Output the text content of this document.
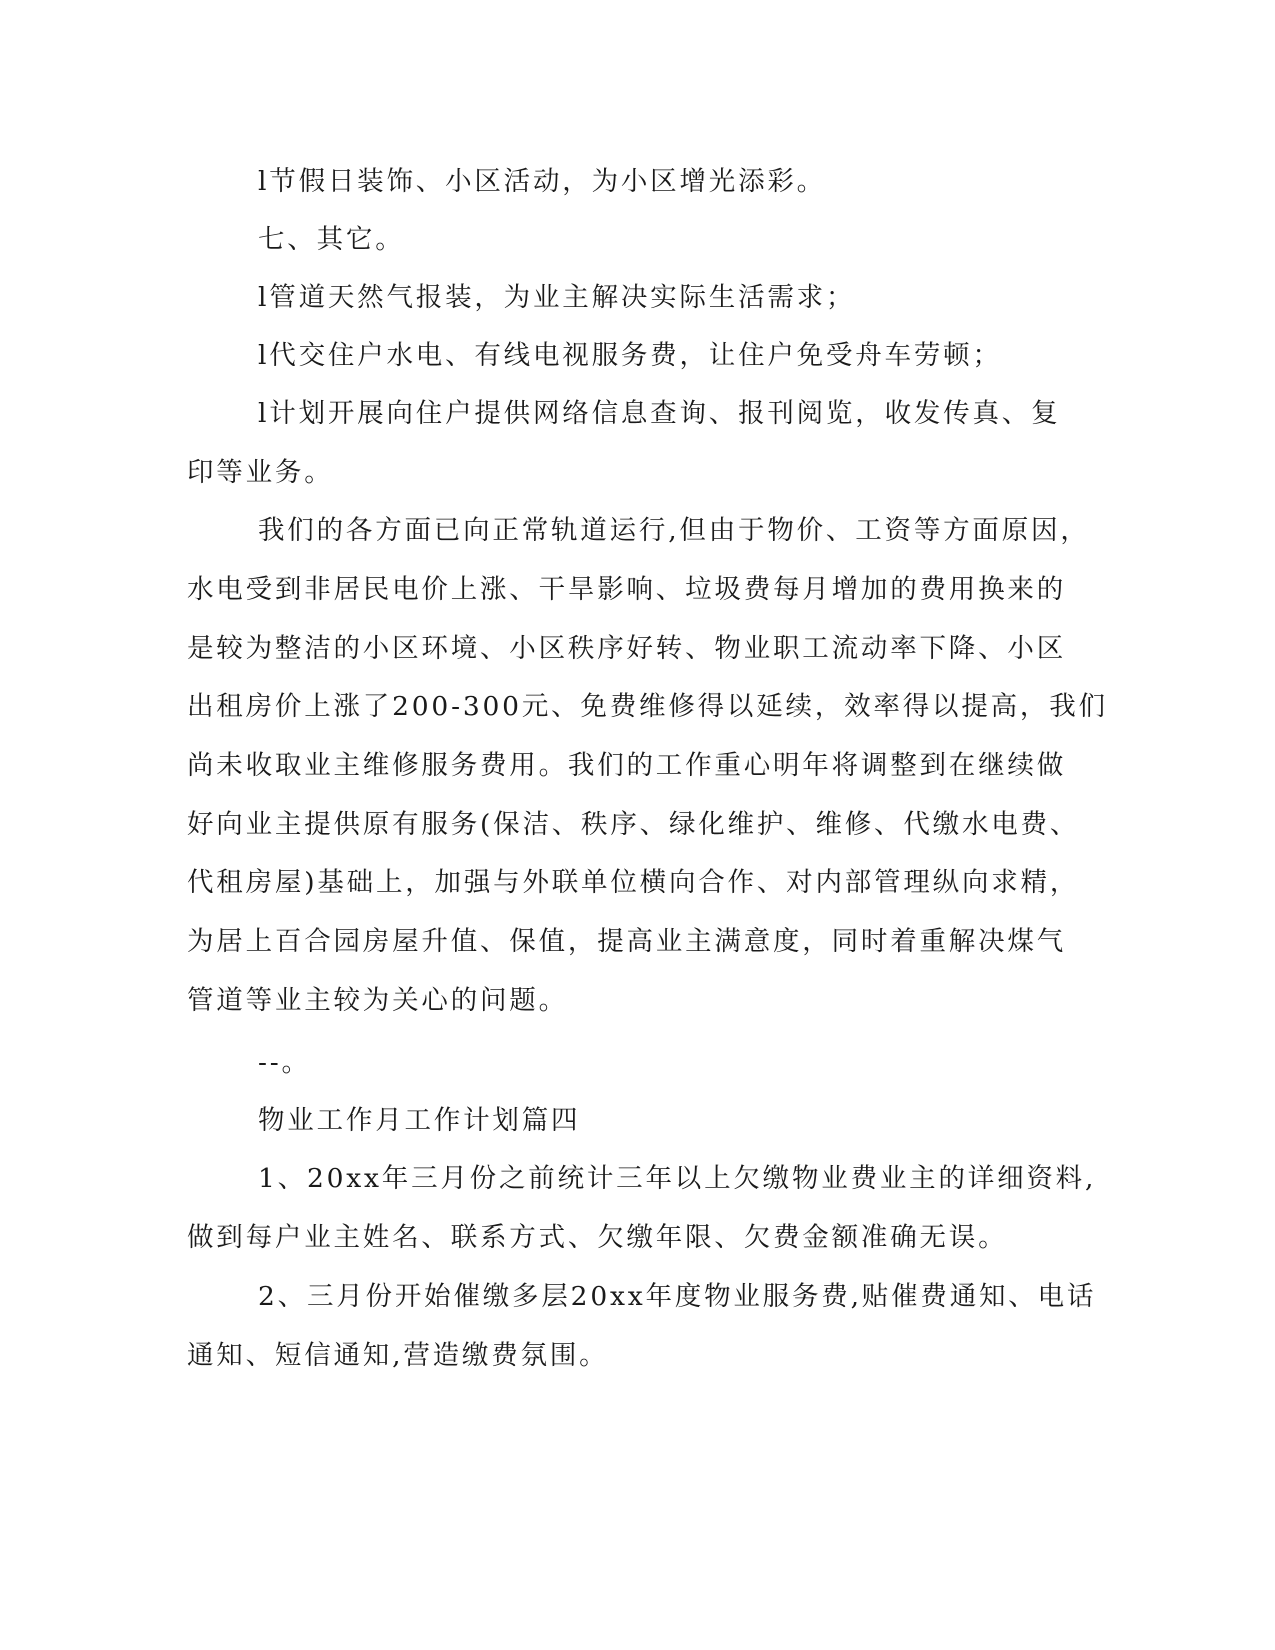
l节假日装饰、小区活动，为小区增光添彩。
七、其它。
l管道天然气报装，为业主解决实际生活需求；
l代交住户水电、有线电视服务费，让住户免受舟车劳顿；
l计划开展向住户提供网络信息查询、报刊阅览，收发传真、复
印等业务。
我们的各方面已向正常轨道运行,但由于物价、工资等方面原因，
水电受到非居民电价上涨、干旱影响、垃圾费每月增加的费用换来的
是较为整洁的小区环境、小区秩序好转、物业职工流动率下降、小区
出租房价上涨了200-300元、免费维修得以延续，效率得以提高，我们
尚未收取业主维修服务费用。我们的工作重心明年将调整到在继续做
好向业主提供原有服务(保洁、秩序、绿化维护、维修、代缴水电费、
代租房屋)基础上，加强与外联单位横向合作、对内部管理纵向求精，
为居上百合园房屋升值、保值，提高业主满意度，同时着重解决煤气
管道等业主较为关心的问题。
--。
物业工作月工作计划篇四
1、20xx年三月份之前统计三年以上欠缴物业费业主的详细资料,
做到每户业主姓名、联系方式、欠缴年限、欠费金额准确无误。
2、三月份开始催缴多层20xx年度物业服务费,贴催费通知、电话
通知、短信通知,营造缴费氛围。
